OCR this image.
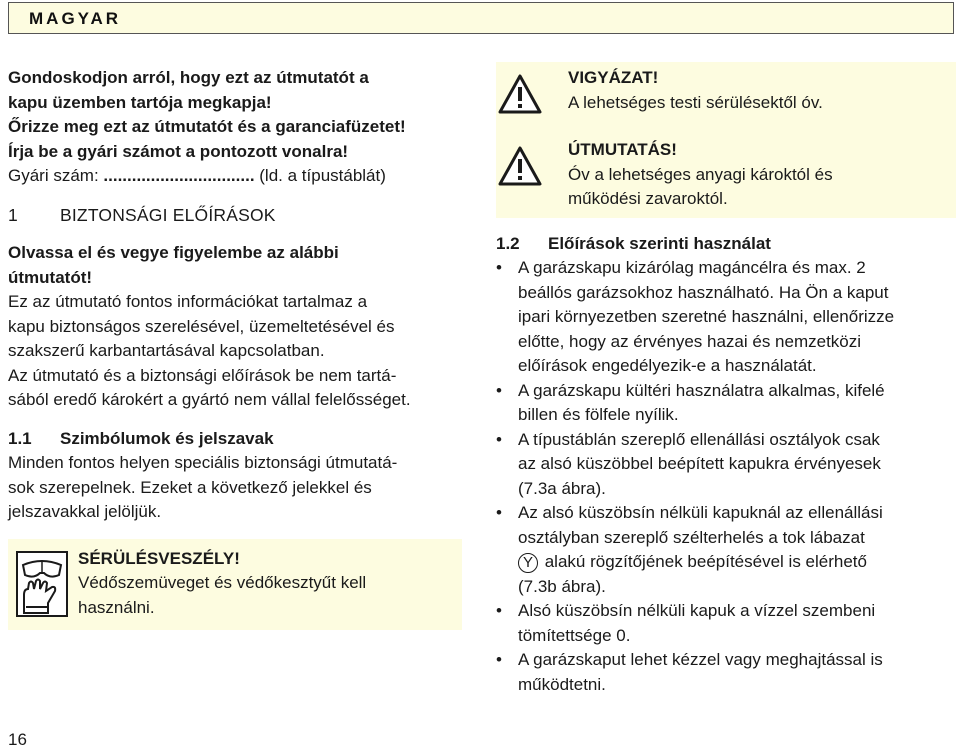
MAGYAR

Gondoskodjon arról, hogy ezt az útmutatót a

kapu üzemben tartója megkapja!

Őrizze meg ezt az útmutatót és a garanciafüzetet!

Írja be a gyári számot a pontozott vonalra!

Gyári szám: ................................ (ld. a típustáblát)

1	BIZTONSÁGI ELŐÍRÁSOK

Olvassa el és vegye figyelembe az alábbi

útmutatót!

Ez az útmutató fontos információkat tartalmaz a

kapu biztonságos szerelésével, üzemeltetésével és

szakszerű karbantartásával kapcsolatban.

Az útmutató és a biztonsági előírások be nem tartá-

sából eredő károkért a gyártó nem vállal felelősséget.

1.1	Szimbólumok és jelszavak

Minden fontos helyen speciális biztonsági útmutatá-

sok szerepelnek. Ezeket a következő jelekkel és

jelszavakkal jelöljük.

SÉRÜLÉSVESZÉLY!

Védőszemüveget és védőkesztyűt kell

használni.

VIGYÁZAT!

A lehetséges testi sérülésektől óv.

ÚTMUTATÁS!

Óv a lehetséges anyagi károktól és

működési zavaroktól.

1.2	Előírások szerinti használat
• A garázskapu kizárólag magáncélra és max. 2

beállós garázsokhoz használható. Ha Ön a kaput

ipari környezetben szeretné használni, ellenőrizze

előtte, hogy az érvényes hazai és nemzetközi

előírások engedélyezik-e a használatát.

• A garázskapu kültéri használatra alkalmas, kifelé

billen és fölfele nyílik.

• A típustáblán szereplő ellenállási osztályok csak

az alsó küszöbbel beépített kapukra érvényesek

(7.3a ábra).

• Az alsó küszöbsín nélküli kapuknál az ellenállási

osztályban szereplő szélterhelés a tok lábazat

Y alakú rögzítőjének beépítésével is elérhető

(7.3b ábra).

• Alsó küszöbsín nélküli kapuk a vízzel szembeni

tömítettsége 0.

• A garázskaput lehet kézzel vagy meghajtással is

működtetni.

16
